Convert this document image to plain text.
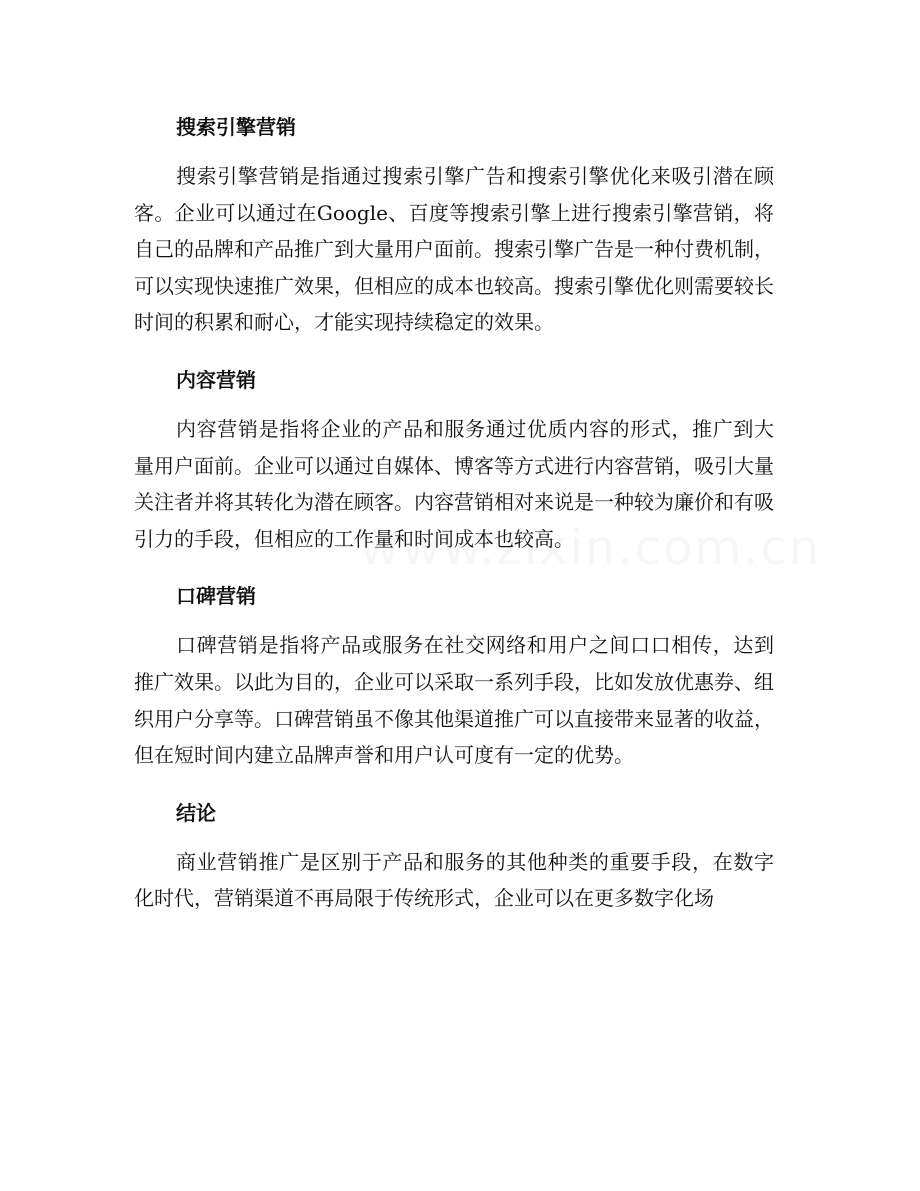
搜索引擎营销

搜索引擎营销是指通过搜索引擎广告和搜索引擎优化来吸引潜在顾客。企业可以通过在Google、百度等搜索引擎上进行搜索引擎营销，将自己的品牌和产品推广到大量用户面前。搜索引擎广告是一种付费机制，可以实现快速推广效果，但相应的成本也较高。搜索引擎优化则需要较长时间的积累和耐心，才能实现持续稳定的效果。

内容营销

内容营销是指将企业的产品和服务通过优质内容的形式，推广到大量用户面前。企业可以通过自媒体、博客等方式进行内容营销，吸引大量关注者并将其转化为潜在顾客。内容营销相对来说是一种较为廉价和有吸引力的手段，但相应的工作量和时间成本也较高。

口碑营销

口碑营销是指将产品或服务在社交网络和用户之间口口相传，达到推广效果。以此为目的，企业可以采取一系列手段，比如发放优惠券、组织用户分享等。口碑营销虽不像其他渠道推广可以直接带来显著的收益，但在短时间内建立品牌声誉和用户认可度有一定的优势。

结论

商业营销推广是区别于产品和服务的其他种类的重要手段，在数字化时代，营销渠道不再局限于传统形式，企业可以在更多数字化场
